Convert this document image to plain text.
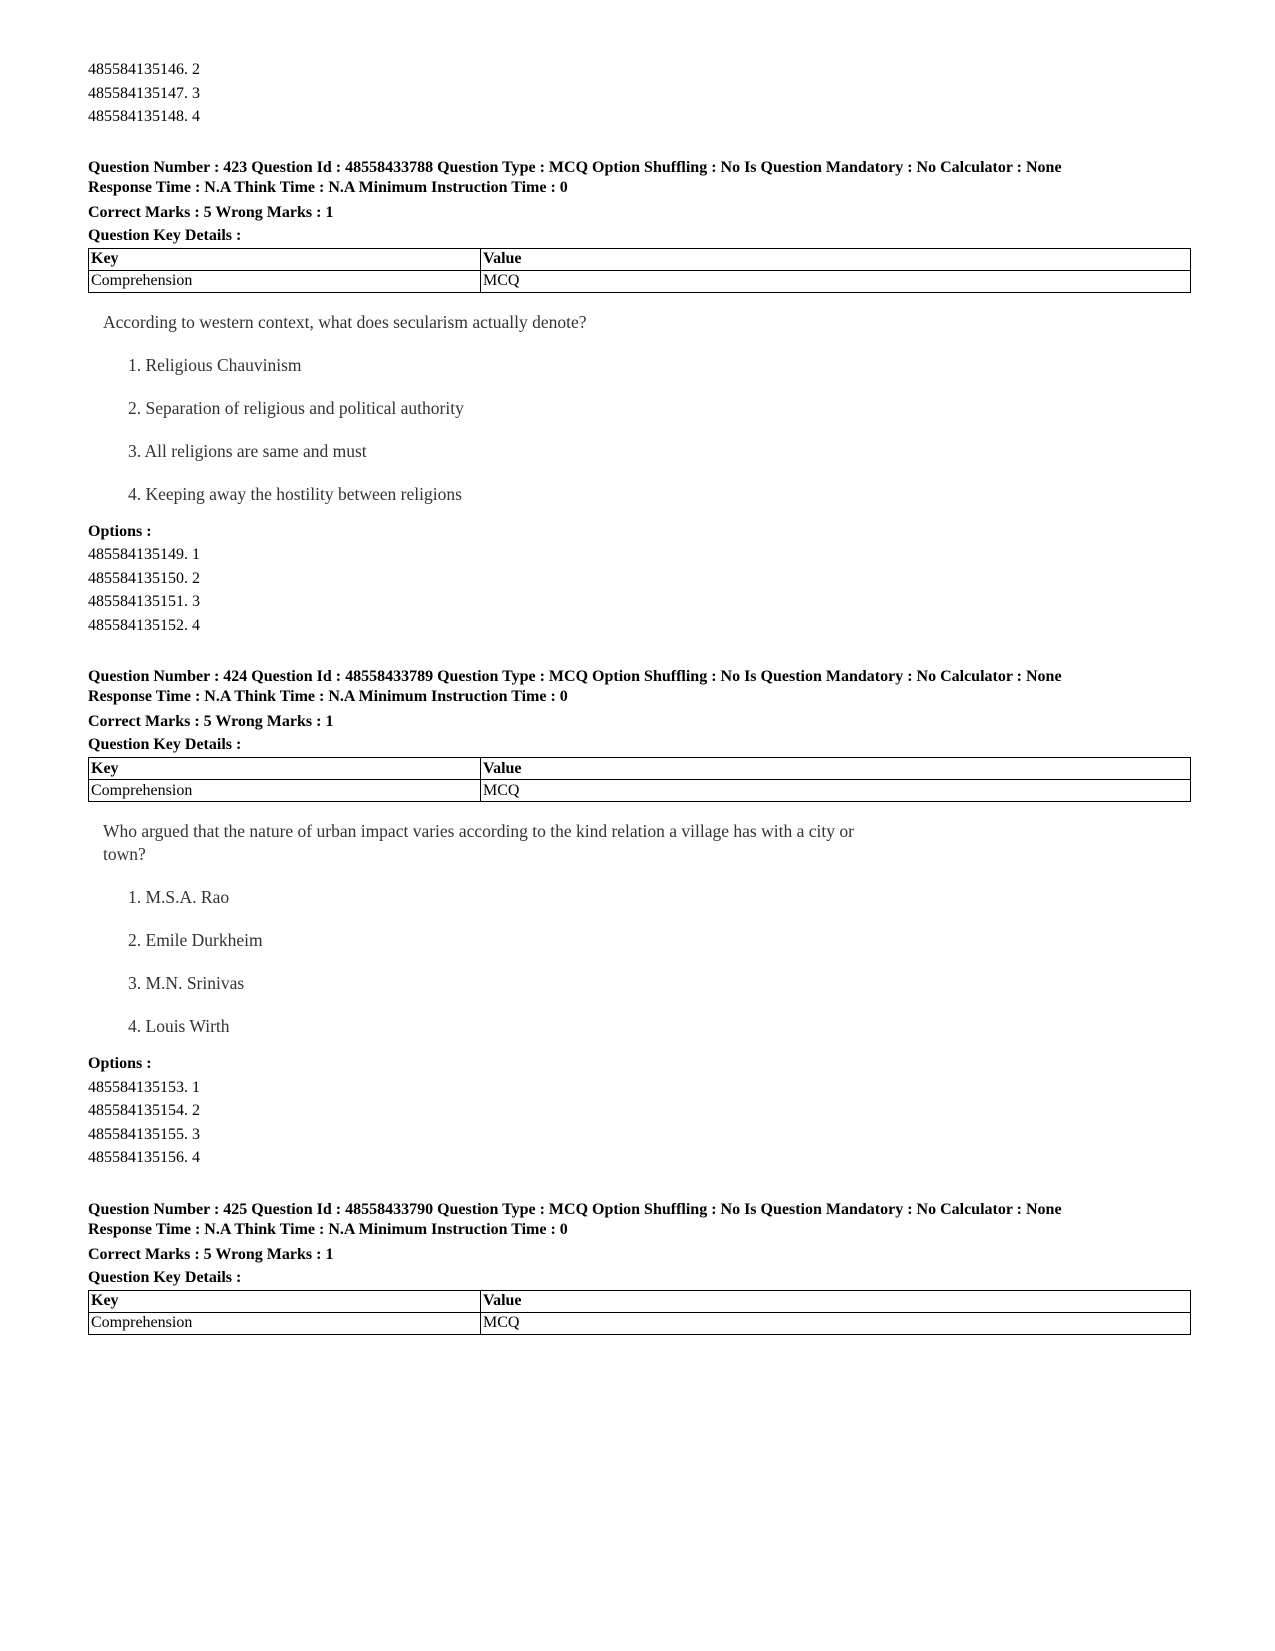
485584135146. 2
485584135147. 3
485584135148. 4
Question Number : 423 Question Id : 48558433788 Question Type : MCQ Option Shuffling : No Is Question Mandatory : No Calculator : None
Response Time : N.A Think Time : N.A Minimum Instruction Time : 0
Correct Marks : 5 Wrong Marks : 1
Question Key Details :
Key	Value
Comprehension	MCQ
According to western context, what does secularism actually denote?
1. Religious Chauvinism
2. Separation of religious and political authority
3. All religions are same and must
4. Keeping away the hostility between religions
Options :
485584135149. 1
485584135150. 2
485584135151. 3
485584135152. 4
Question Number : 424 Question Id : 48558433789 Question Type : MCQ Option Shuffling : No Is Question Mandatory : No Calculator : None
Response Time : N.A Think Time : N.A Minimum Instruction Time : 0
Correct Marks : 5 Wrong Marks : 1
Question Key Details :
Key	Value
Comprehension	MCQ
Who argued that the nature of urban impact varies according to the kind relation a village has with a city or
town?
1. M.S.A. Rao
2. Emile Durkheim
3. M.N. Srinivas
4. Louis Wirth
Options :
485584135153. 1
485584135154. 2
485584135155. 3
485584135156. 4
Question Number : 425 Question Id : 48558433790 Question Type : MCQ Option Shuffling : No Is Question Mandatory : No Calculator : None
Response Time : N.A Think Time : N.A Minimum Instruction Time : 0
Correct Marks : 5 Wrong Marks : 1
Question Key Details :
Key	Value
Comprehension	MCQ
